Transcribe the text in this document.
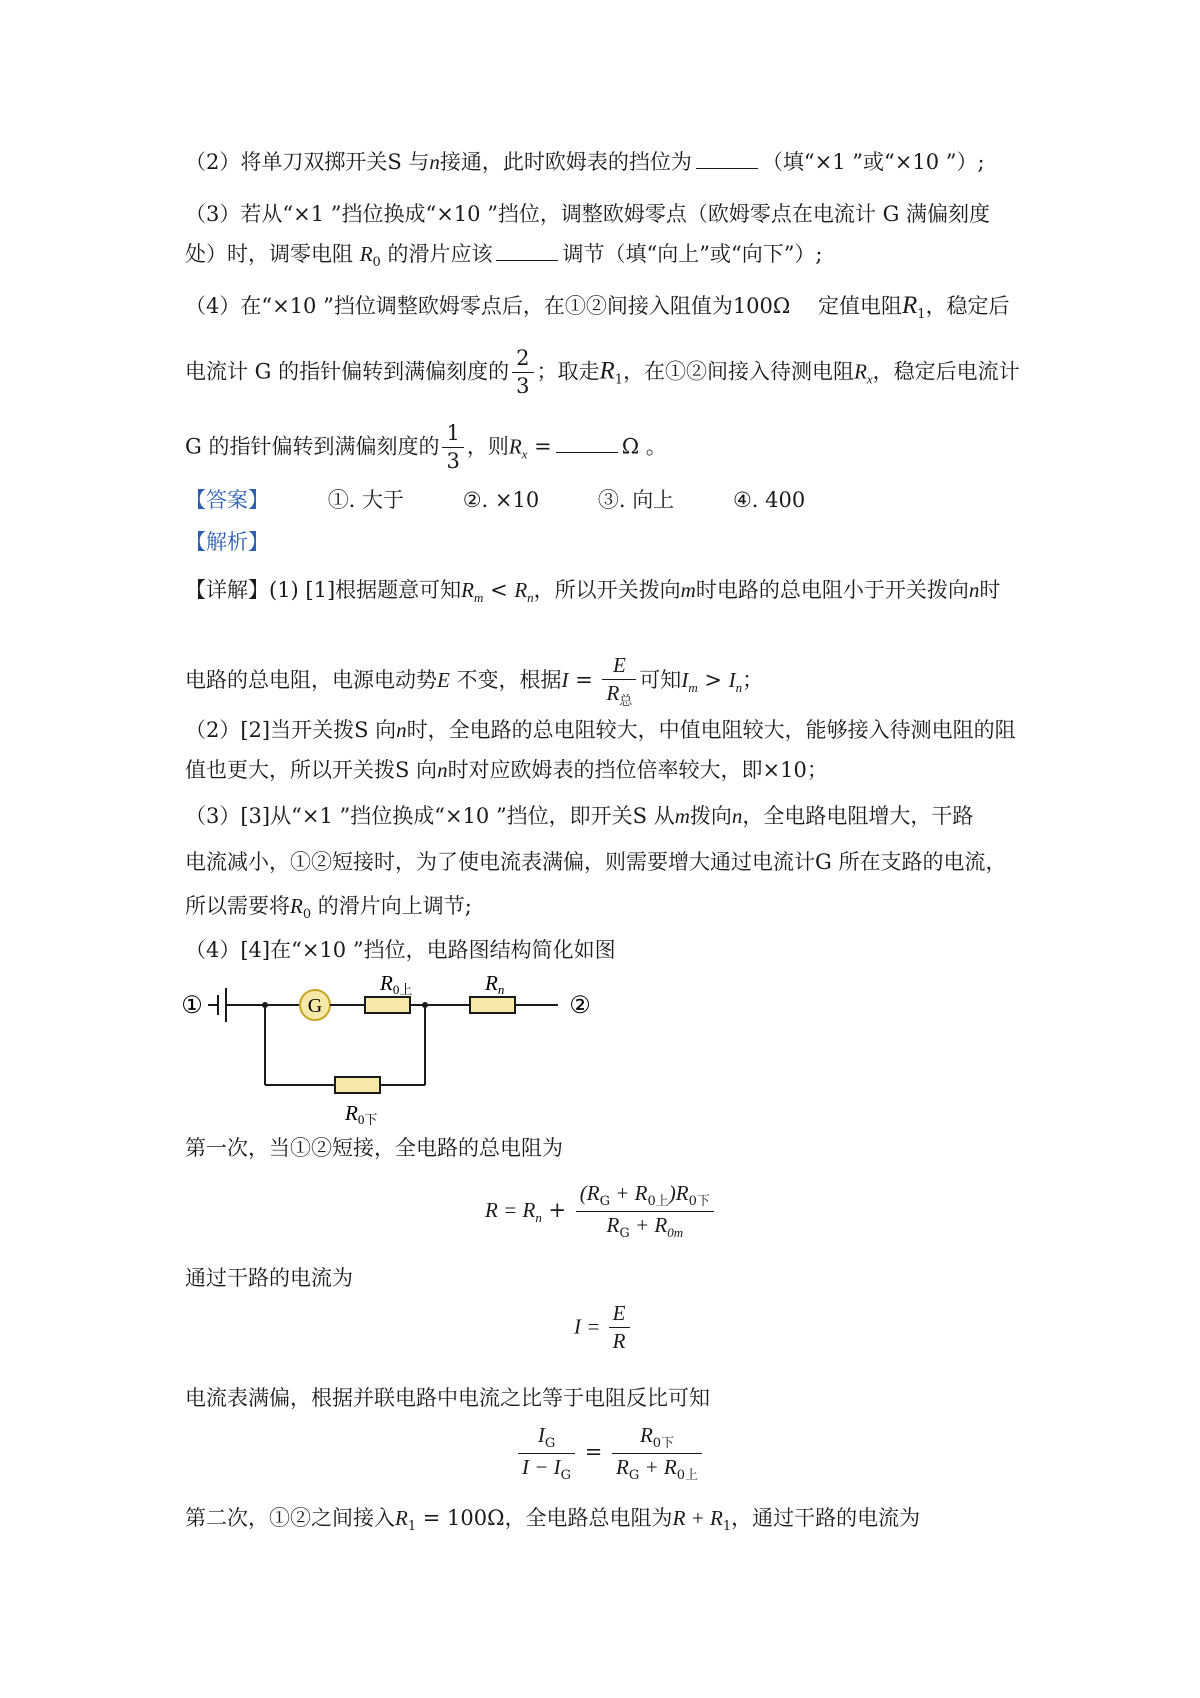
（2）将单刀双掷开关S 与n接通，此时欧姆表的挡位为	（填“×1 ”或“×10 ”）;
（3）若从“×1 ”挡位换成“×10 ”挡位，调整欧姆零点（欧姆零点在电流计 G 满偏刻度
处）时，调零电阻 $R_0$ 的滑片应该	调节（填“向上”或“向下”）;
（4）在“×10 ”挡位调整欧姆零点后，在①②间接入阻值为100Ω　 定值电阻$R_1$，稳定后
电流计 G 的指针偏转到满偏刻度的 $\frac{2}{3}$ ；取走$R_1$，在①②间接入待测电阻$R_x$，稳定后电流计
G 的指针偏转到满偏刻度的 $\frac{1}{3}$ ，则$R_x$ =	Ω 。
【答案】	①. 大于	②. ×10	③. 向上	④. 400
【解析】
【详解】(1) [1]根据题意可知$R_m < R_n$，所以开关拨向m时电路的总电阻小于开关拨向n时
电路的总电阻，电源电动势E 不变，根据$I = \frac{E}{R_总}$ 可知$I_m > I_n$；
（2）[2]当开关拨S 向n时，全电路的总电阻较大，中值电阻较大，能够接入待测电阻的阻
值也更大，所以开关拨S 向n时对应欧姆表的挡位倍率较大，即×10；
（3）[3]从“×1 ”挡位换成“×10 ”挡位，即开关S 从m拨向n，全电路电阻增大，干路
电流减小，①②短接时，为了使电流表满偏，则需要增大通过电流计G 所在支路的电流，
所以需要将$R_0$ 的滑片向上调节;
（4）[4]在“×10 ”挡位，电路图结构简化如图
①	②
G
R0上	Rn
R0下
第一次，当①②短接，全电路的总电阻为
$R = R_n + \frac{(R_G + R_{0上})R_{0下}}{R_G + R_{0m}}$
通过干路的电流为
$I = \frac{E}{R}$
电流表满偏，根据并联电路中电流之比等于电阻反比可知
$\frac{I_G}{I - I_G} = \frac{R_{0下}}{R_G + R_{0上}}$
第二次，①②之间接入$R_1 = 100\Omega$，全电路总电阻为$R + R_1$，通过干路的电流为
